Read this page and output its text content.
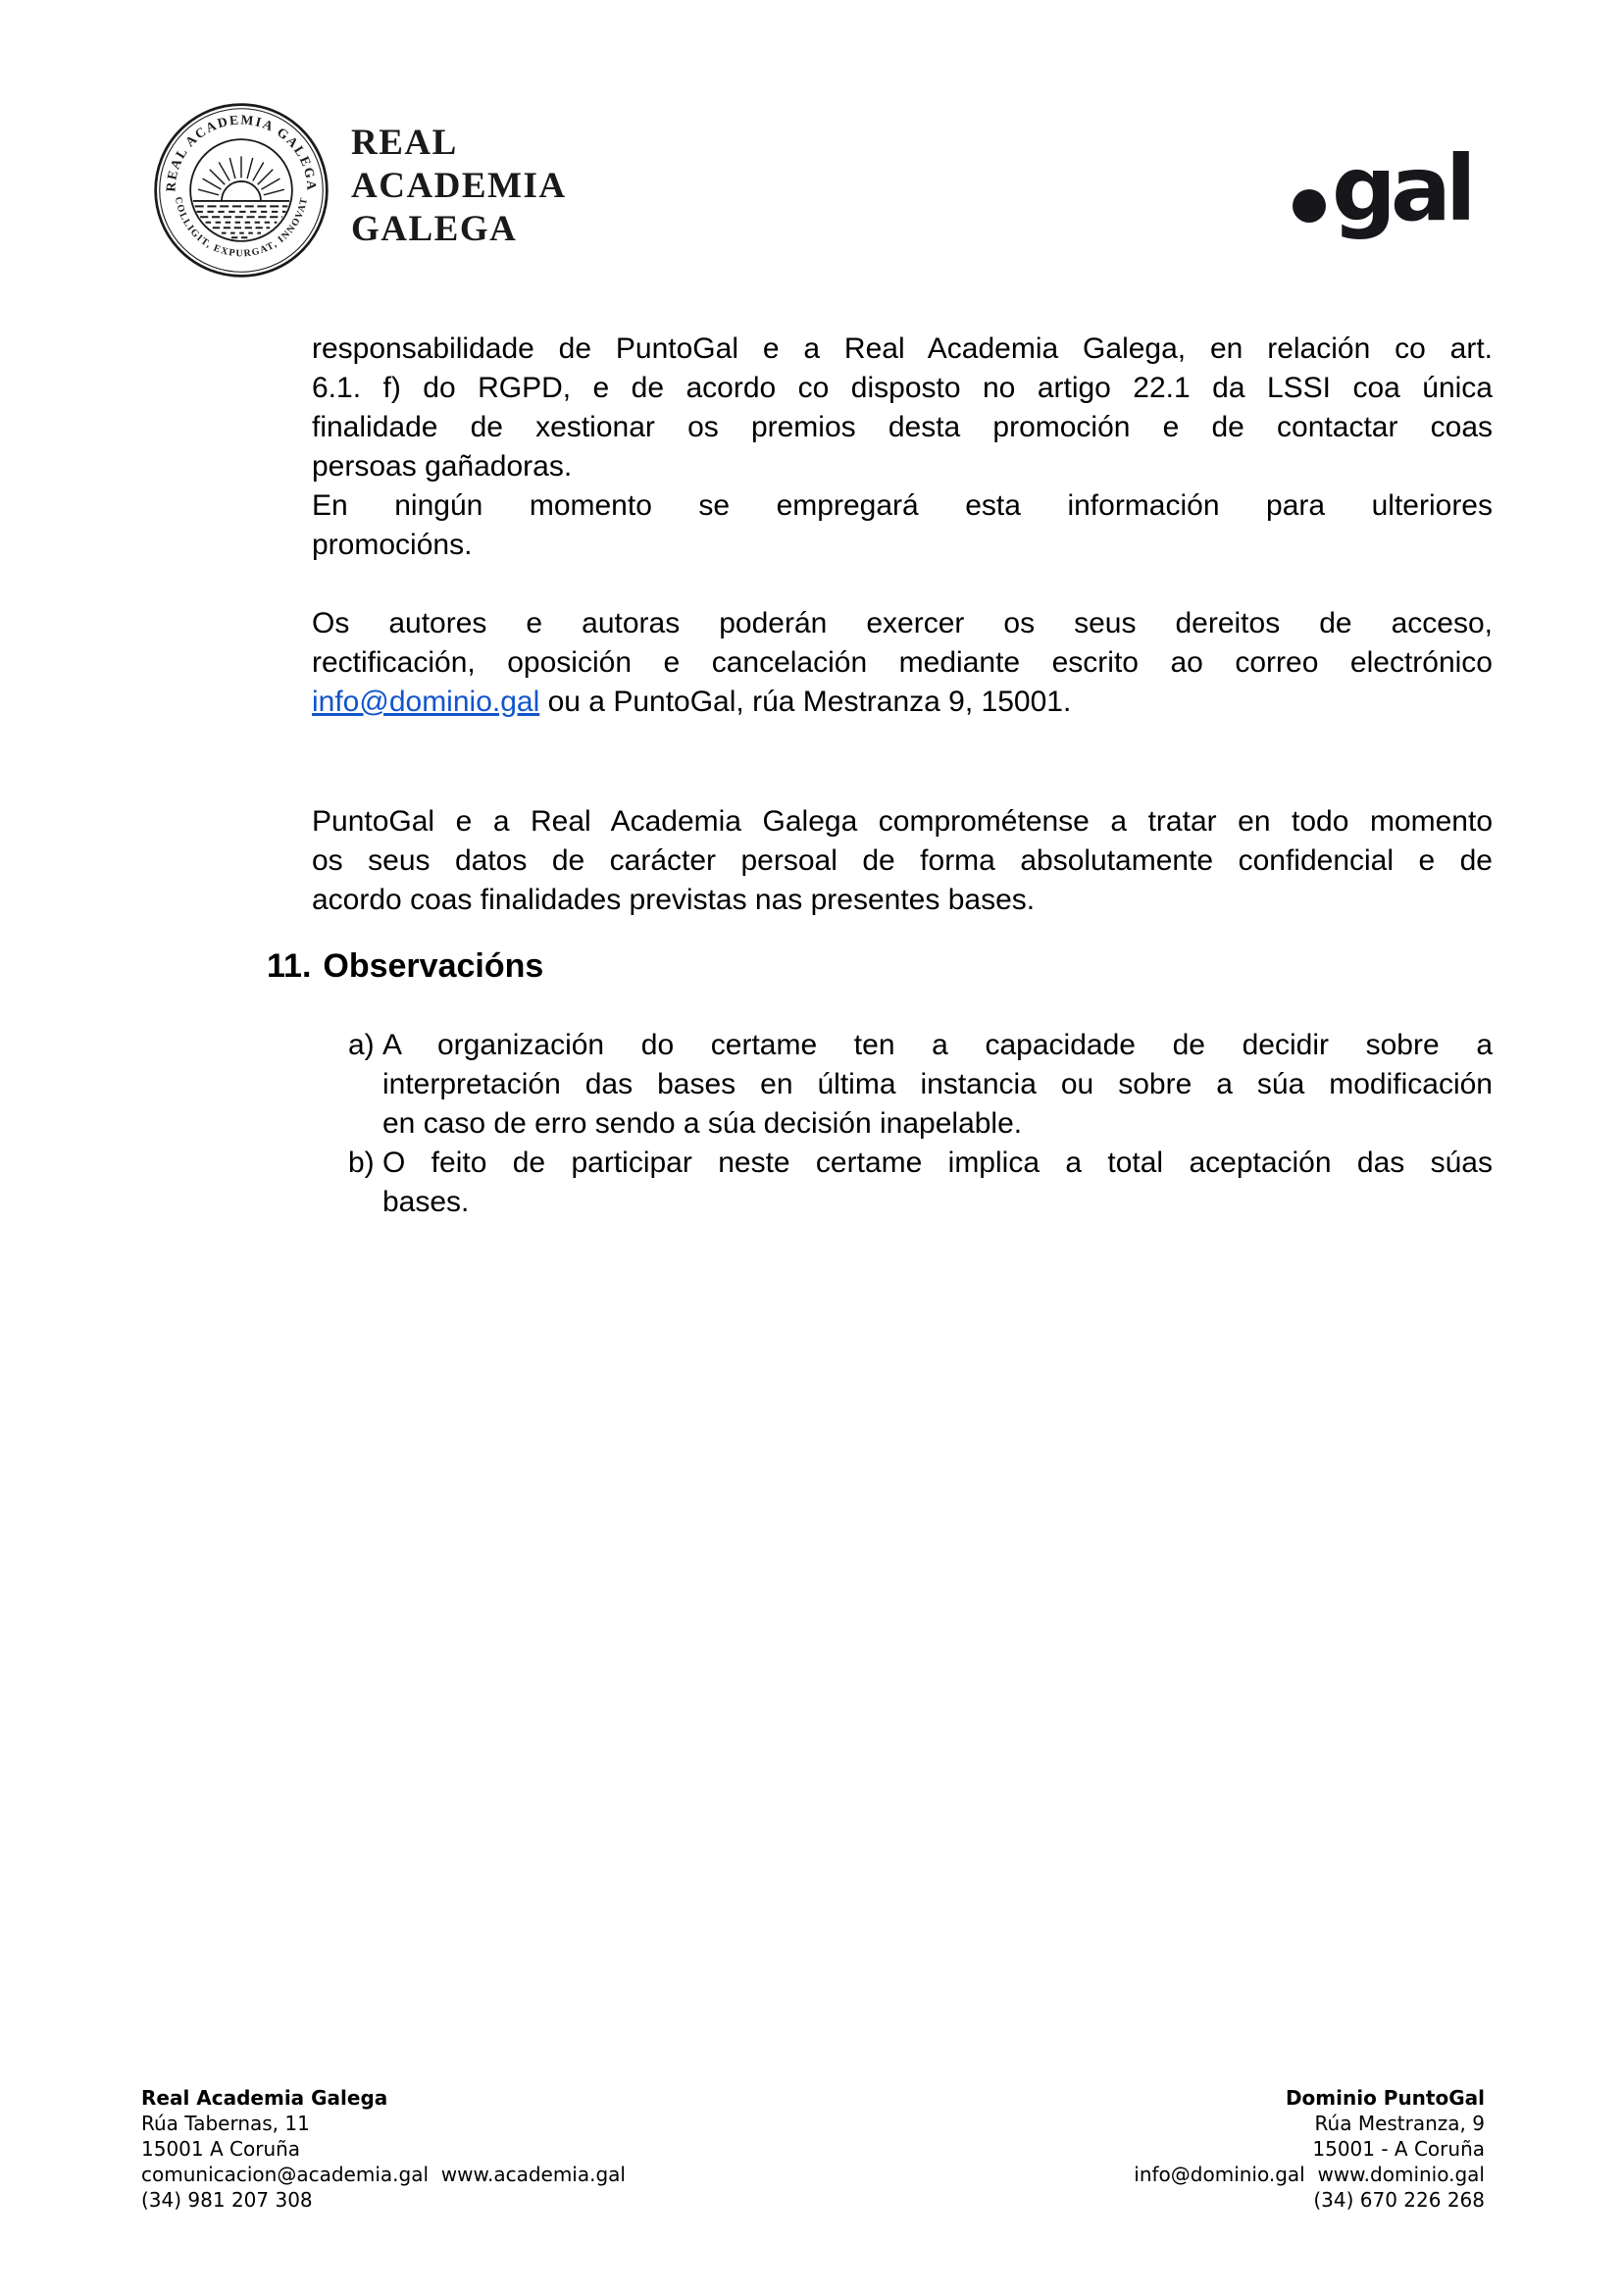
REAL ACADEMIA GALEGA
COLLIGIT, EXPURGAT, INNOVAT
REAL
ACADEMIA
GALEGA	gal
responsabilidade de PuntoGal e a Real Academia Galega, en relación co art.
6.1. f) do RGPD, e de acordo co disposto no artigo 22.1 da LSSI coa única
finalidade de xestionar os premios desta promoción e de contactar coas
persoas gañadoras.
En ningún momento se empregará esta información para ulteriores
promocións.
Os autores e autoras poderán exercer os seus dereitos de acceso,
rectificación, oposición e cancelación mediante escrito ao correo electrónico
info@dominio.gal ou a PuntoGal, rúa Mestranza 9, 15001.
PuntoGal e a Real Academia Galega comprométense a tratar en todo momento
os seus datos de carácter persoal de forma absolutamente confidencial e de
acordo coas finalidades previstas nas presentes bases.
11. Observacións
a) A organización do certame ten a capacidade de decidir sobre a
interpretación das bases en última instancia ou sobre a súa modificación
en caso de erro sendo a súa decisión inapelable.
b) O feito de participar neste certame implica a total aceptación das súas
bases.
Real Academia Galega
Rúa Tabernas, 11
15001 A Coruña
comunicacion@academia.gal  www.academia.gal
(34) 981 207 308
Dominio PuntoGal
Rúa Mestranza, 9
15001 - A Coruña
info@dominio.gal  www.dominio.gal
(34) 670 226 268
